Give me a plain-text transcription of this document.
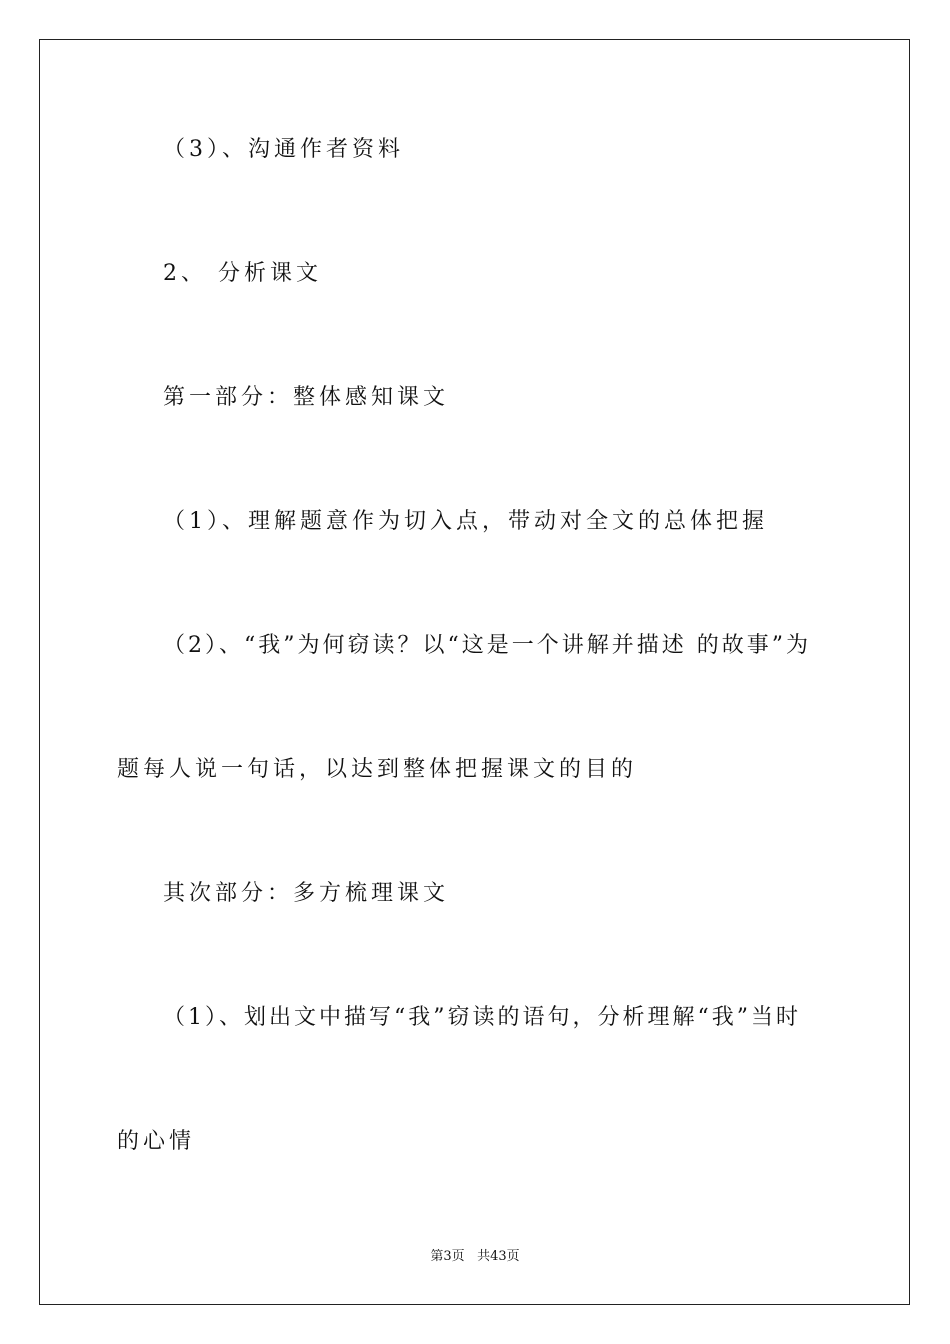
（3）、沟通作者资料
2、 分析课文
第一部分：整体感知课文
（1）、理解题意作为切入点，带动对全文的总体把握
（2）、“我”为何窃读？以“这是一个讲解并描述 的故事”为
题每人说一句话，以达到整体把握课文的目的
其次部分：多方梳理课文
（1）、划出文中描写“我”窃读的语句，分析理解“我”当时
的心情
第3页 共43页
